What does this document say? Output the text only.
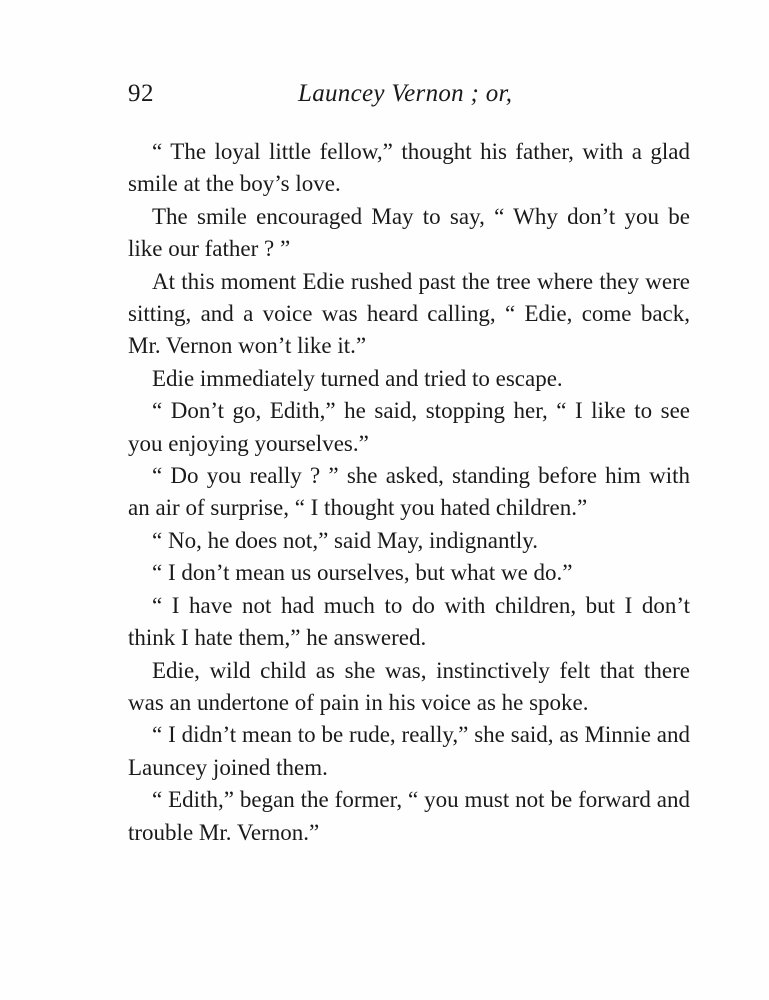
92	Launcey Vernon ; or,

“ The loyal little fellow,” thought his father, with a glad smile at the boy’s love.

The smile encouraged May to say, “ Why don’t you be like our father ? ”

At this moment Edie rushed past the tree where they were sitting, and a voice was heard calling, “ Edie, come back, Mr. Vernon won’t like it.”

Edie immediately turned and tried to escape.

“ Don’t go, Edith,” he said, stopping her, “ I like to see you enjoying yourselves.”

“ Do you really ? ” she asked, standing before him with an air of surprise, “ I thought you hated children.”

“ No, he does not,” said May, indignantly.

“ I don’t mean us ourselves, but what we do.”

“ I have not had much to do with children, but I don’t think I hate them,” he answered.

Edie, wild child as she was, instinctively felt that there was an undertone of pain in his voice as he spoke.

“ I didn’t mean to be rude, really,” she said, as Minnie and Launcey joined them.

“ Edith,” began the former, “ you must not be forward and trouble Mr. Vernon.”
